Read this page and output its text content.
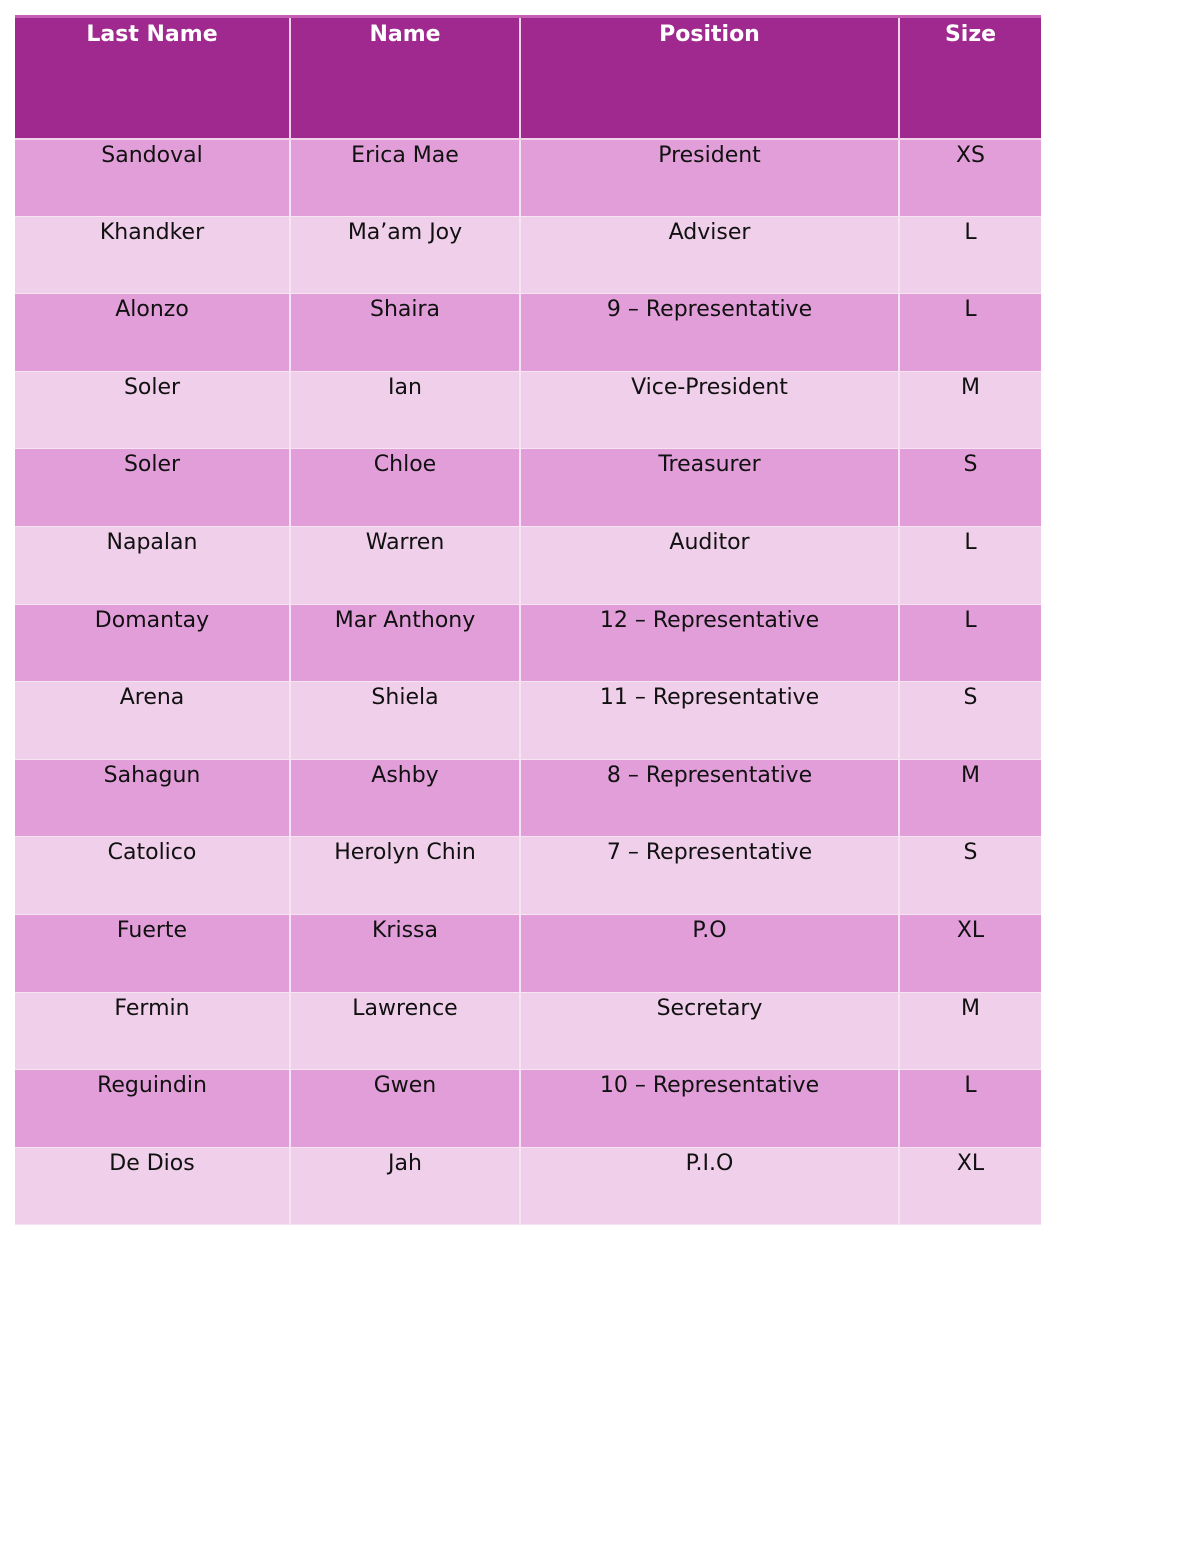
Last Name	Name	Position	Size
Sandoval	Erica Mae	President	XS
Khandker	Ma’am Joy	Adviser	L
Alonzo	Shaira	9 – Representative	L
Soler	Ian	Vice-President	M
Soler	Chloe	Treasurer	S
Napalan	Warren	Auditor	L
Domantay	Mar Anthony	12 – Representative	L
Arena	Shiela	11 – Representative	S
Sahagun	Ashby	8 – Representative	M
Catolico	Herolyn Chin	7 – Representative	S
Fuerte	Krissa	P.O	XL
Fermin	Lawrence	Secretary	M
Reguindin	Gwen	10 – Representative	L
De Dios	Jah	P.I.O	XL
